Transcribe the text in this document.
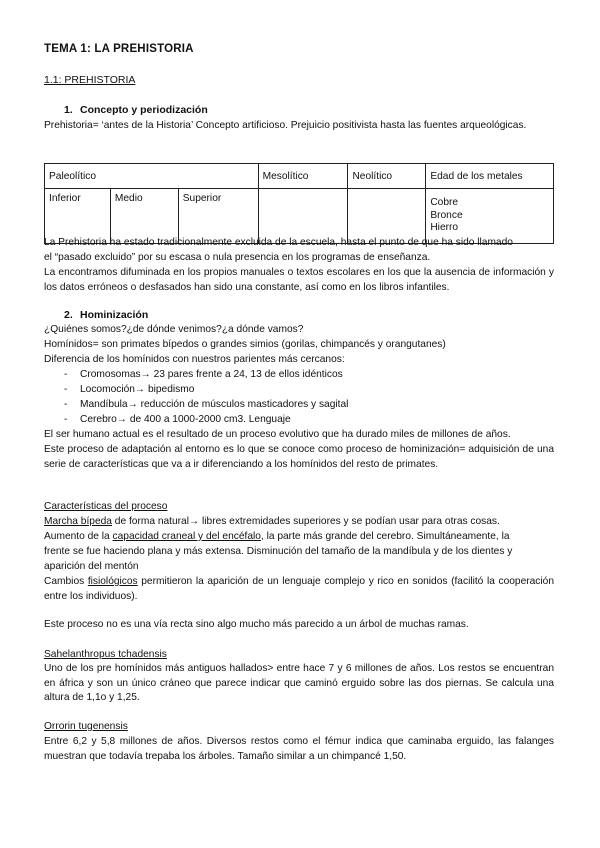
TEMA 1: LA PREHISTORIA
1.1: PREHISTORIA
1. Concepto y periodización
Prehistoria= ‘antes de la Historia’ Concepto artificioso. Prejuicio positivista hasta las fuentes arqueológicas.
Paleolítico			Mesolítico	Neolítico	Edad de los metales
Inferior	Medio	Superior			Cobre
Bronce
Hierro
La Prehistoria ha estado tradicionalmente excluida de la escuela, hasta el punto de que ha sido llamado
el “pasado excluido” por su escasa o nula presencia en los programas de enseñanza.
La encontramos difuminada en los propios manuales o textos escolares en los que la ausencia de información y los datos erróneos o desfasados han sido una constante, así como en los libros infantiles.
2. Hominización
¿Quiénes somos?¿de dónde venimos?¿a dónde vamos?
Homínidos= son primates bípedos o grandes simios (gorilas, chimpancés y orangutanes)
Diferencia de los homínidos con nuestros parientes más cercanos:
- Cromosomas→ 23 pares frente a 24, 13 de ellos idénticos
- Locomoción→ bipedismo
- Mandíbula→ reducción de músculos masticadores y sagital
- Cerebro→ de 400 a 1000-2000 cm3. Lenguaje
El ser humano actual es el resultado de un proceso evolutivo que ha durado miles de millones de años.
Este proceso de adaptación al entorno es lo que se conoce como proceso de hominización= adquisición de una serie de características que va a ir diferenciando a los homínidos del resto de primates.
Características del proceso
Marcha bípeda de forma natural→ libres extremidades superiores y se podían usar para otras cosas.
Aumento de la capacidad craneal y del encéfalo, la parte más grande del cerebro. Simultáneamente, la
frente se fue haciendo plana y más extensa. Disminución del tamaño de la mandíbula y de los dientes y
aparición del mentón
Cambios fisiológicos permitieron la aparición de un lenguaje complejo y rico en sonidos (facilitó la cooperación entre los individuos).
Este proceso no es una vía recta sino algo mucho más parecido a un árbol de muchas ramas.
Sahelanthropus tchadensis
Uno de los pre homínidos más antiguos hallados> entre hace 7 y 6 millones de años. Los restos se encuentran en áfrica y son un único cráneo que parece indicar que caminó erguido sobre las dos piernas. Se calcula una altura de 1,1o y 1,25.
Orrorin tugenensis
Entre 6,2 y 5,8 millones de años. Diversos restos como el fémur indica que caminaba erguido, las falanges muestran que todavía trepaba los árboles. Tamaño similar a un chimpancé 1,50.
